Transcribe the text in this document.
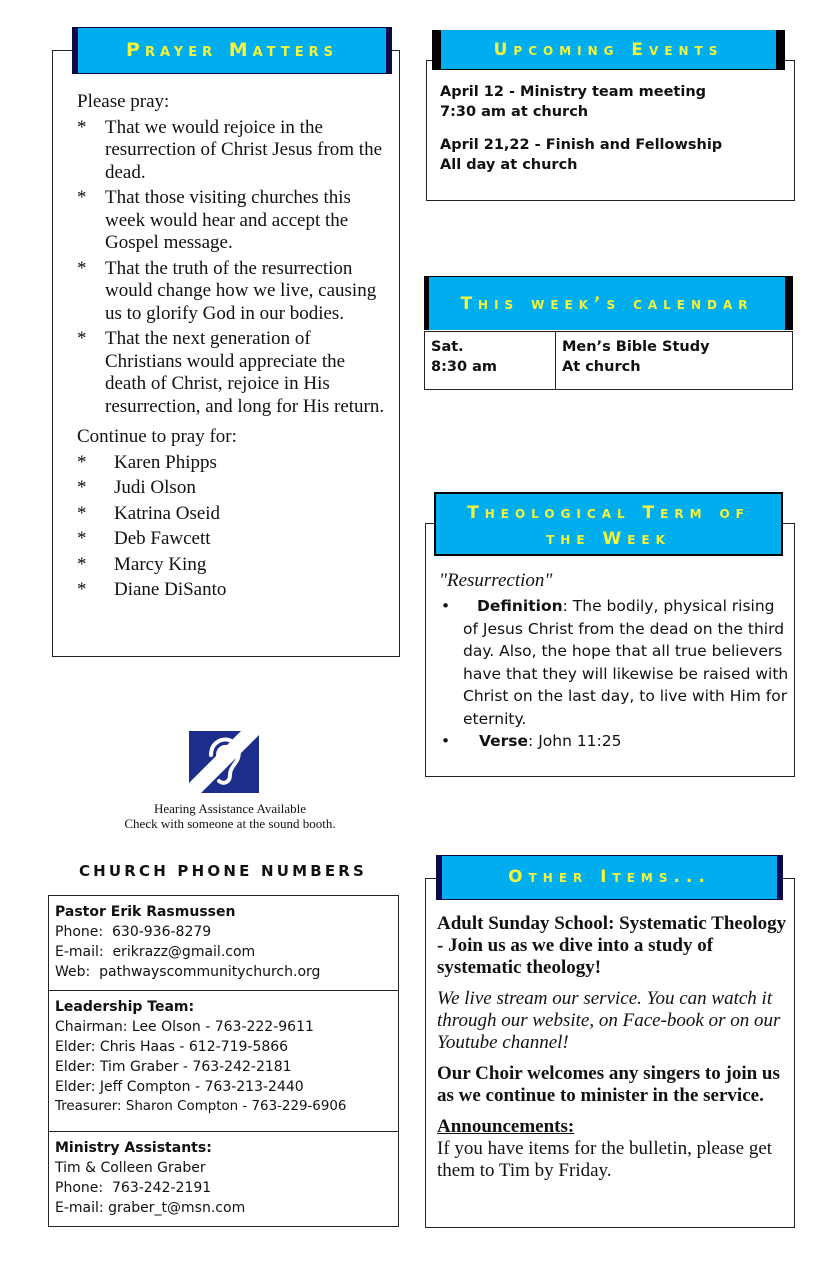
Please pray:
* That we would rejoice in the resurrection of Christ Jesus from the dead.
* That those visiting churches this week would hear and accept the Gospel message.
* That the truth of the resurrection would change how we live, causing us to glorify God in our bodies.
* That the next generation of Christians would appreciate the death of Christ, rejoice in His resurrection, and long for His return.
Continue to pray for:
* Karen Phipps
* Judi Olson
* Katrina Oseid
* Deb Fawcett
* Marcy King
* Diane DiSanto
Prayer Matters
Hearing Assistance Available
Check with someone at the sound booth.
CHURCH PHONE NUMBERS
Pastor Erik Rasmussen
Phone: 630-936-8279
E-mail: erikrazz@gmail.com
Web: pathwayscommunitychurch.org
Leadership Team:
Chairman: Lee Olson - 763-222-9611
Elder: Chris Haas - 612-719-5866
Elder: Tim Graber - 763-242-2181
Elder: Jeff Compton - 763-213-2440
Treasurer: Sharon Compton - 763-229-6906
Ministry Assistants:
Tim & Colleen Graber
Phone: 763-242-2191
E-mail: graber_t@msn.com
April 12 - Ministry team meeting
7:30 am at church
April 21,22 - Finish and Fellowship
All day at church
Upcoming Events
This week’s calendar
Sat.
8:30 am
Men’s Bible Study
At church
"Resurrection"
• Definition: The bodily, physical rising of Jesus Christ from the dead on the third day. Also, the hope that all true believers have that they will likewise be raised with Christ on the last day, to live with Him for eternity.
• Verse: John 11:25
Theological Term of
the Week
Adult Sunday School: Systematic Theology - Join us as we dive into a study of systematic theology!
We live stream our service. You can watch it through our website, on Face-book or on our Youtube channel!
Our Choir welcomes any singers to join us as we continue to minister in the service.
Announcements:
If you have items for the bulletin, please get them to Tim by Friday.
Other Items...
